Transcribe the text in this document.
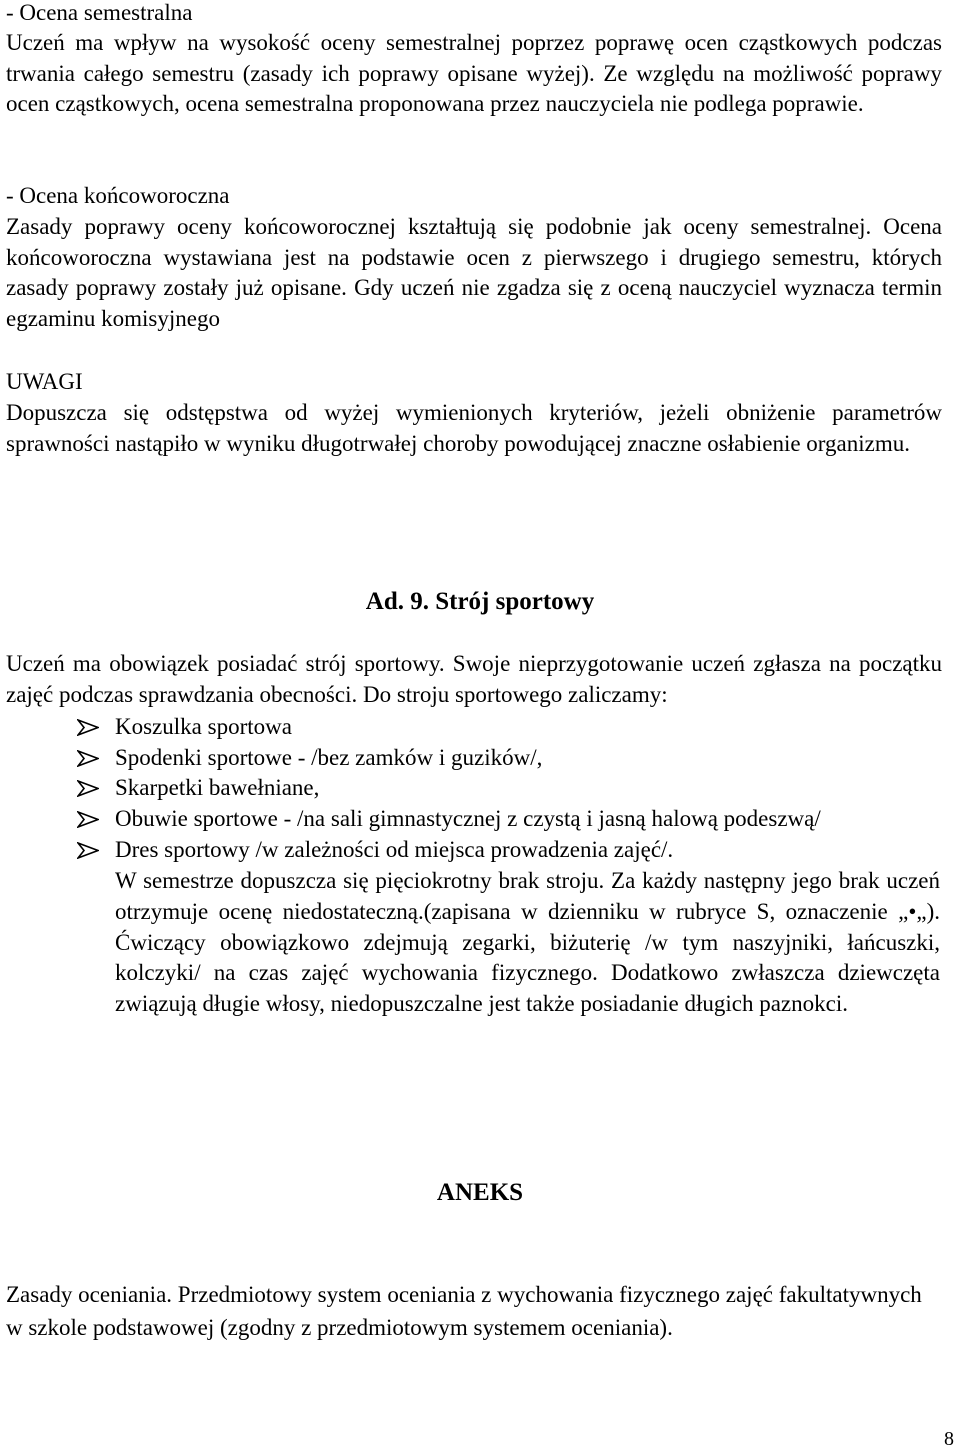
- Ocena semestralna

Uczeń ma wpływ na wysokość oceny semestralnej poprzez poprawę ocen cząstkowych podczas trwania całego semestru (zasady ich poprawy opisane wyżej). Ze względu na możliwość poprawy ocen cząstkowych, ocena semestralna proponowana przez nauczyciela nie podlega poprawie.

- Ocena końcoworoczna

Zasady poprawy oceny końcoworocznej kształtują się podobnie jak oceny semestralnej. Ocena końcoworoczna wystawiana jest na podstawie ocen z pierwszego i drugiego semestru, których zasady poprawy zostały już opisane. Gdy uczeń nie zgadza się z oceną nauczyciel wyznacza termin egzaminu komisyjnego

UWAGI

Dopuszcza się odstępstwa od wyżej wymienionych kryteriów, jeżeli obniżenie parametrów sprawności nastąpiło w wyniku długotrwałej choroby powodującej znaczne osłabienie organizmu.

Ad. 9. Strój sportowy

Uczeń ma obowiązek posiadać strój sportowy. Swoje nieprzygotowanie uczeń zgłasza na początku zajęć podczas sprawdzania obecności. Do stroju sportowego zaliczamy:

Koszulka sportowa
Spodenki sportowe - /bez zamków i guzików/,
Skarpetki bawełniane,
Obuwie sportowe - /na sali gimnastycznej z czystą i jasną halową podeszwą/
Dres sportowy /w zależności od miejsca prowadzenia zajęć/.

W semestrze dopuszcza się pięciokrotny brak stroju. Za każdy następny jego brak uczeń otrzymuje ocenę niedostateczną.(zapisana w dzienniku w rubryce S, oznaczenie „•„). Ćwiczący obowiązkowo zdejmują zegarki, biżuterię /w tym naszyjniki, łańcuszki, kolczyki/ na czas zajęć wychowania fizycznego. Dodatkowo zwłaszcza dziewczęta związują długie włosy, niedopuszczalne jest także posiadanie długich paznokci.

ANEKS

Zasady oceniania. Przedmiotowy system oceniania z wychowania fizycznego zajęć fakultatywnych w szkole podstawowej (zgodny z przedmiotowym systemem oceniania).

8
